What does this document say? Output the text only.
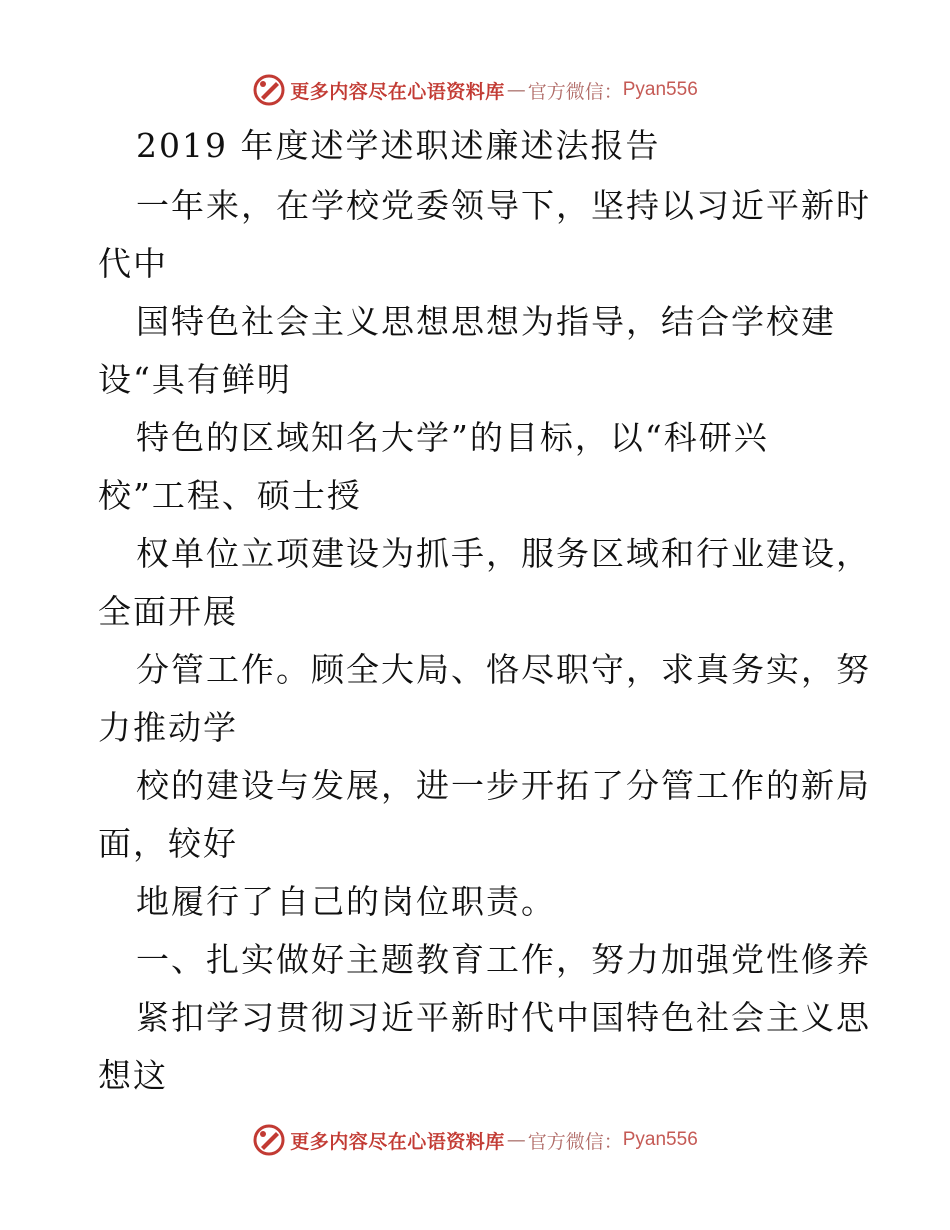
更多内容尽在心语资料库 — 官方微信： Pyan556
2019 年度述学述职述廉述法报告
一年来，在学校党委领导下，坚持以习近平新时
代中
国特色社会主义思想思想为指导，结合学校建
设“具有鲜明
特色的区域知名大学”的目标，以“科研兴
校”工程、硕士授
权单位立项建设为抓手，服务区域和行业建设，
全面开展
分管工作。顾全大局、恪尽职守，求真务实，努
力推动学
校的建设与发展，进一步开拓了分管工作的新局
面，较好
地履行了自己的岗位职责。
一、扎实做好主题教育工作，努力加强党性修养
紧扣学习贯彻习近平新时代中国特色社会主义思
想这
更多内容尽在心语资料库 — 官方微信： Pyan556
